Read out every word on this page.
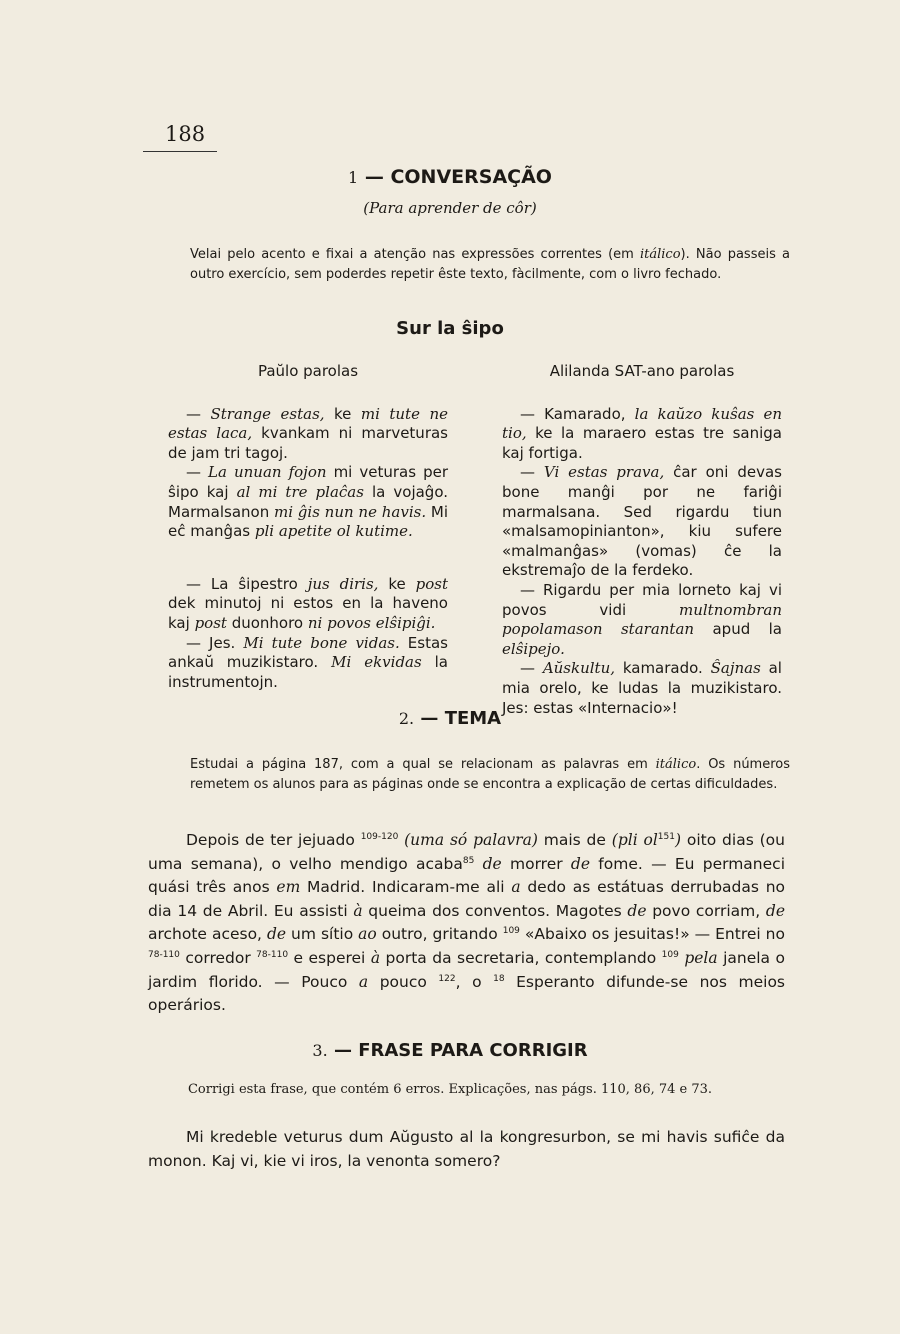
188
1 — CONVERSAÇÃO
(Para aprender de côr)
Velai pelo acento e fixai a atenção nas expressões correntes (em itálico). Não passeis a outro exercício, sem poderdes repetir êste texto, fàcilmente, com o livro fechado.
Sur la ŝipo
Paŭlo parolas

— Strange estas, ke mi tute ne estas laca, kvankam ni marveturas de jam tri tagoj.

— La unuan fojon mi veturas per ŝipo kaj al mi tre plaĉas la vojaĝo. Marmalsanon mi ĝis nun ne havis. Mi eĉ manĝas pli apetite ol kutime.

— La ŝipestro jus diris, ke post dek minutoj ni estos en la haveno kaj post duonhoro ni povos elŝipiĝi.

— Jes. Mi tute bone vidas. Estas ankaŭ muzikistaro. Mi ekvidas la instrumentojn.

Alilanda SAT-ano parolas

— Kamarado, la kaŭzo kuŝas en tio, ke la maraero estas tre saniga kaj fortiga.

— Vi estas prava, ĉar oni devas bone manĝi por ne fariĝi marmalsana. Sed rigardu tiun «malsamopinianton», kiu sufere «malmanĝas» (vomas) ĉe la ekstremaĵo de la ferdeko.

— Rigardu per mia lorneto kaj vi povos vidi multnombran popolamason starantan apud la elŝipejo.

— Aŭskultu, kamarado. Ŝajnas al mia orelo, ke ludas la muzikistaro. Jes: estas «Internacio»!

2. — TEMA
Estudai a página 187, com a qual se relacionam as palavras em itálico. Os números remetem os alunos para as páginas onde se encontra a explicação de certas dificuldades.
Depois de ter jejuado $^{109-120}$ (uma só palavra) mais de (pli $ol^{151}$) oito dias (ou uma semana), o velho mendigo acaba$^{85}$ de morrer de fome. — Eu permaneci quási três anos em Madrid. Indicaram-me ali a dedo as estátuas derrubadas no dia 14 de Abril. Eu assisti à queima dos conventos. Magotes de povo corriam, de archote aceso, de um sítio ao outro, gritando $^{109}$ «Abaixo os jesuitas!» — Entrei no $^{78-110}$ corredor $^{78-110}$ e esperei à porta da secretaria, contemplando $^{109}$ pela janela o jardim florido. — Pouco a pouco $^{122}$, o $^{18}$ Esperanto difunde-se nos meios operários.
3. — FRASE PARA CORRIGIR
Corrigi esta frase, que contém 6 erros. Explicações, nas págs. 110, 86, 74 e 73.
Mi kredeble veturus dum Aŭgusto al la kongresurbon, se mi havis sufiĉe da monon. Kaj vi, kie vi iros, la venonta somero?
